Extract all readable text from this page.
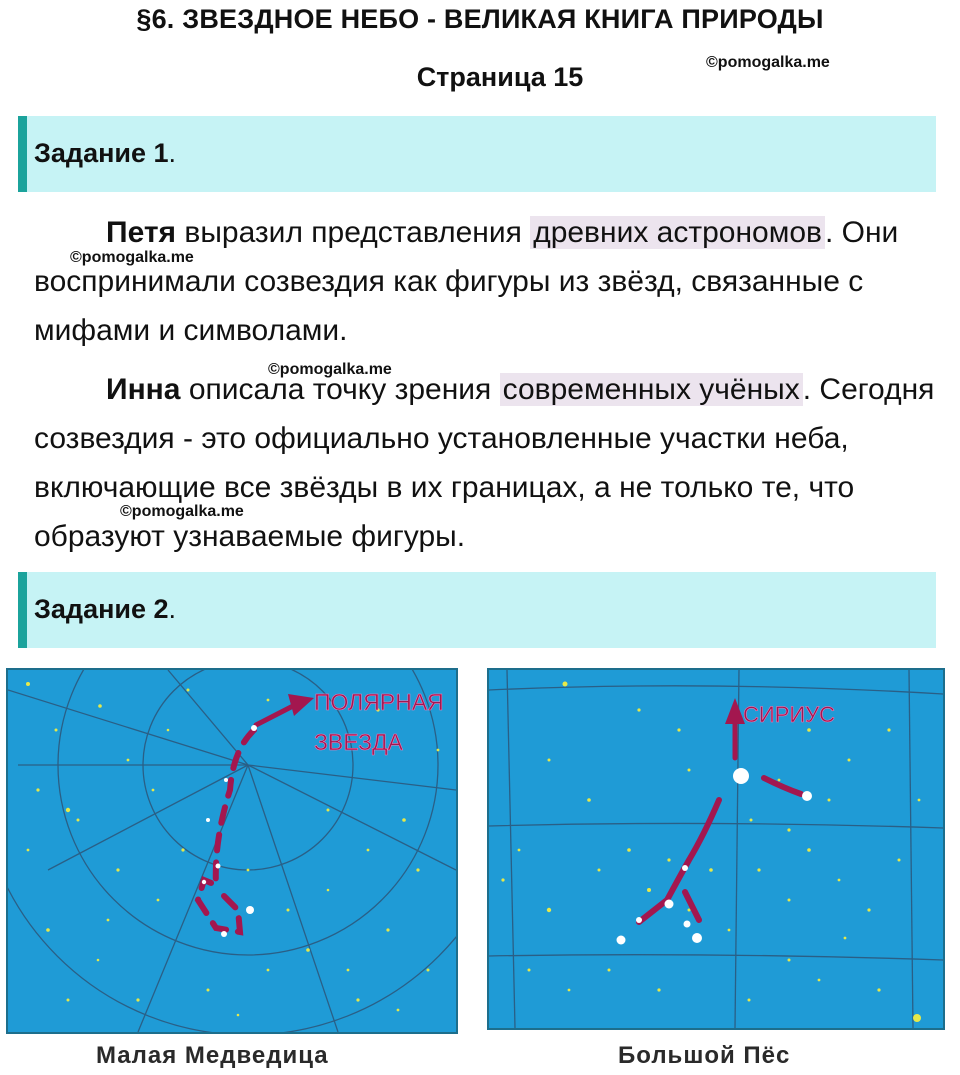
§6. ЗВЕЗДНОЕ НЕБО - ВЕЛИКАЯ КНИГА ПРИРОДЫ
Страница 15	©pomogalka.me
Задание 1.
Петя выразил представления древних астрономов . Они воспринимали созвездия как фигуры из звёзд, связанные с мифами и символами.
©pomogalka.me
Инна описала точку зрения современных учёных . Сегодня созвездия - это официально установленные участки неба, включающие все звёзды в их границах, а не только те, что образуют узнаваемые фигуры.
©pomogalka.me
©pomogalka.me
Задание 2.
ПОЛЯРНАЯ
ЗВЕЗДА
СИРИУС
Малая Медведица	Большой Пёс
